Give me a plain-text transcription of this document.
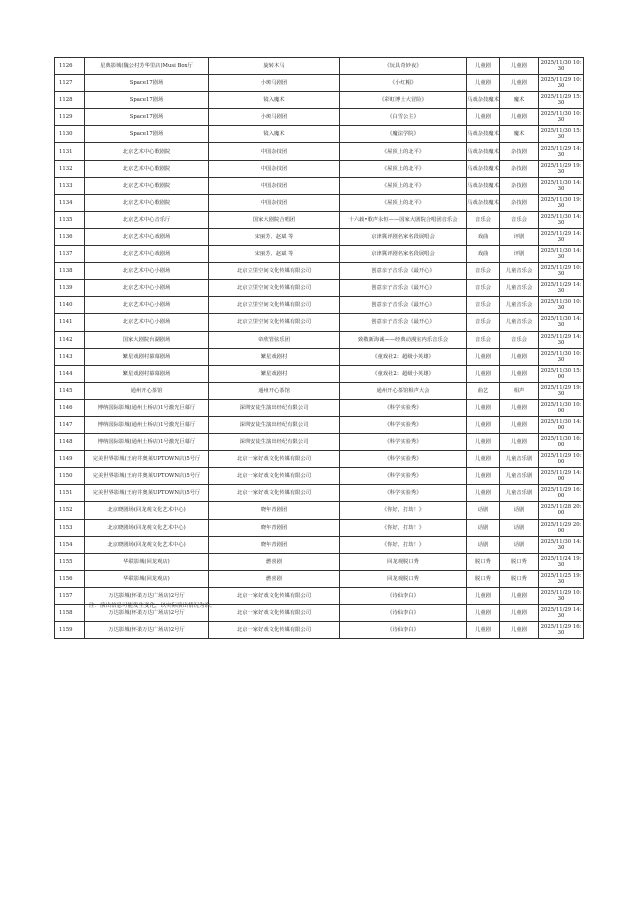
1126	星典影城(魏公村芳华里店)Musi Box厅	旋转木马	《玩具奇妙夜》	儿童剧	儿童剧	2025/11/30 10:30
1127	Space17剧场	小斑马剧团	《小红帽》	儿童剧	儿童剧	2025/11/29 10:30
1128	Space17剧场	镜入魔术	《彩虹博士大冒险》	马戏杂技魔术	魔术	2025/11/29 15:30
1129	Space17剧场	小斑马剧团	《白雪公主》	儿童剧	儿童剧	2025/11/30 10:30
1130	Space17剧场	镜入魔术	《魔法学院》	马戏杂技魔术	魔术	2025/11/30 15:30
1131	北京艺术中心歌剧院	中国杂技团	《屋顶上的北平》	马戏杂技魔术	杂技剧	2025/11/29 14:30
1132	北京艺术中心歌剧院	中国杂技团	《屋顶上的北平》	马戏杂技魔术	杂技剧	2025/11/29 19:30
1133	北京艺术中心歌剧院	中国杂技团	《屋顶上的北平》	马戏杂技魔术	杂技剧	2025/11/30 14:30
1134	北京艺术中心歌剧院	中国杂技团	《屋顶上的北平》	马戏杂技魔术	杂技剧	2025/11/30 19:30
1135	北京艺术中心音乐厅	国家大剧院合唱团	十六载•歌声永恒——国家大剧院合唱团音乐会	音乐会	音乐会	2025/11/30 14:30
1136	北京艺术中心戏剧场	宋丽芳、赵斌 等	京津冀评剧名家名段展唱会	戏曲	评剧	2025/11/29 14:30
1137	北京艺术中心戏剧场	宋丽芳、赵斌 等	京津冀评剧名家名段展唱会	戏曲	评剧	2025/11/30 14:30
1138	北京艺术中心小剧场	北京立里空间文化传媒有限公司	创意亲子音乐会《最开心》	音乐会	儿童音乐会	2025/11/29 10:30
1139	北京艺术中心小剧场	北京立里空间文化传媒有限公司	创意亲子音乐会《最开心》	音乐会	儿童音乐会	2025/11/29 14:30
1140	北京艺术中心小剧场	北京立里空间文化传媒有限公司	创意亲子音乐会《最开心》	音乐会	儿童音乐会	2025/11/30 10:30
1141	北京艺术中心小剧场	北京立里空间文化传媒有限公司	创意亲子音乐会《最开心》	音乐会	儿童音乐会	2025/11/30 14:30
1142	国家大剧院台湖剧场	帝欣管弦乐团	致敬新海诚——经典动漫室内乐音乐会	音乐会	音乐会	2025/11/29 14:30
1143	繁星戏剧村幕幕剧场	繁星戏剧村	《童戏社2：超级小英雄》	儿童剧	儿童剧	2025/11/30 10:30
1144	繁星戏剧村幕幕剧场	繁星戏剧村	《童戏社2：超级小英雄》	儿童剧	儿童剧	2025/11/30 15:00
1145	通州开心茶馆	通州开心茶馆	通州开心茶馆相声大会	曲艺	相声	2025/11/29 19:30
1146	博纳国际影城(通州土桥店)1号激光巨幕厅	深圳安徒生演出经纪有限公司	《科学实验秀》	儿童剧	儿童剧	2025/11/30 10:00
1147	博纳国际影城(通州土桥店)1号激光巨幕厅	深圳安徒生演出经纪有限公司	《科学实验秀》	儿童剧	儿童剧	2025/11/30 14:00
1148	博纳国际影城(通州土桥店)1号激光巨幕厅	深圳安徒生演出经纪有限公司	《科学实验秀》	儿童剧	儿童剧	2025/11/30 16:00
1149	完美世界影城(王府井奥莱UPTOWN店)5号厅	北京一家好戏文化传媒有限公司	《科学实验秀》	儿童剧	儿童音乐剧	2025/11/29 10:00
1150	完美世界影城(王府井奥莱UPTOWN店)5号厅	北京一家好戏文化传媒有限公司	《科学实验秀》	儿童剧	儿童音乐剧	2025/11/29 14:00
1151	完美世界影城(王府井奥莱UPTOWN店)5号厅	北京一家好戏文化传媒有限公司	《科学实验秀》	儿童剧	儿童音乐剧	2025/11/29 16:00
1152	北京晓剧场(回龙观文化艺术中心)	晓年青剧团	《你好，打劫！》	话剧	话剧	2025/11/28 20:00
1153	北京晓剧场(回龙观文化艺术中心)	晓年青剧团	《你好，打劫！》	话剧	话剧	2025/11/29 20:00
1154	北京晓剧场(回龙观文化艺术中心)	晓年青剧团	《你好，打劫！》	话剧	话剧	2025/11/30 14:30
1155	华联影城(回龙观店)	燃喜剧	回龙观脱口秀	脱口秀	脱口秀	2025/11/24 19:30
1156	华联影城(回龙观店)	燃喜剧	回龙观脱口秀	脱口秀	脱口秀	2025/11/25 19:30
1157	万达影城(怀柔万达广场店)2号厅	北京一家好戏文化传媒有限公司	《诗仙李白》	儿童剧	儿童剧	2025/11/29 10:30
1158	万达影城(怀柔万达广场店)2号厅	北京一家好戏文化传媒有限公司	《诗仙李白》	儿童剧	儿童剧	2025/11/29 14:30
1159	万达影城(怀柔万达广场店)2号厅	北京一家好戏文化传媒有限公司	《诗仙李白》	儿童剧	儿童剧	2025/11/29 16:30
注：演出信息可能发生变化，以实际演出情况为准。
